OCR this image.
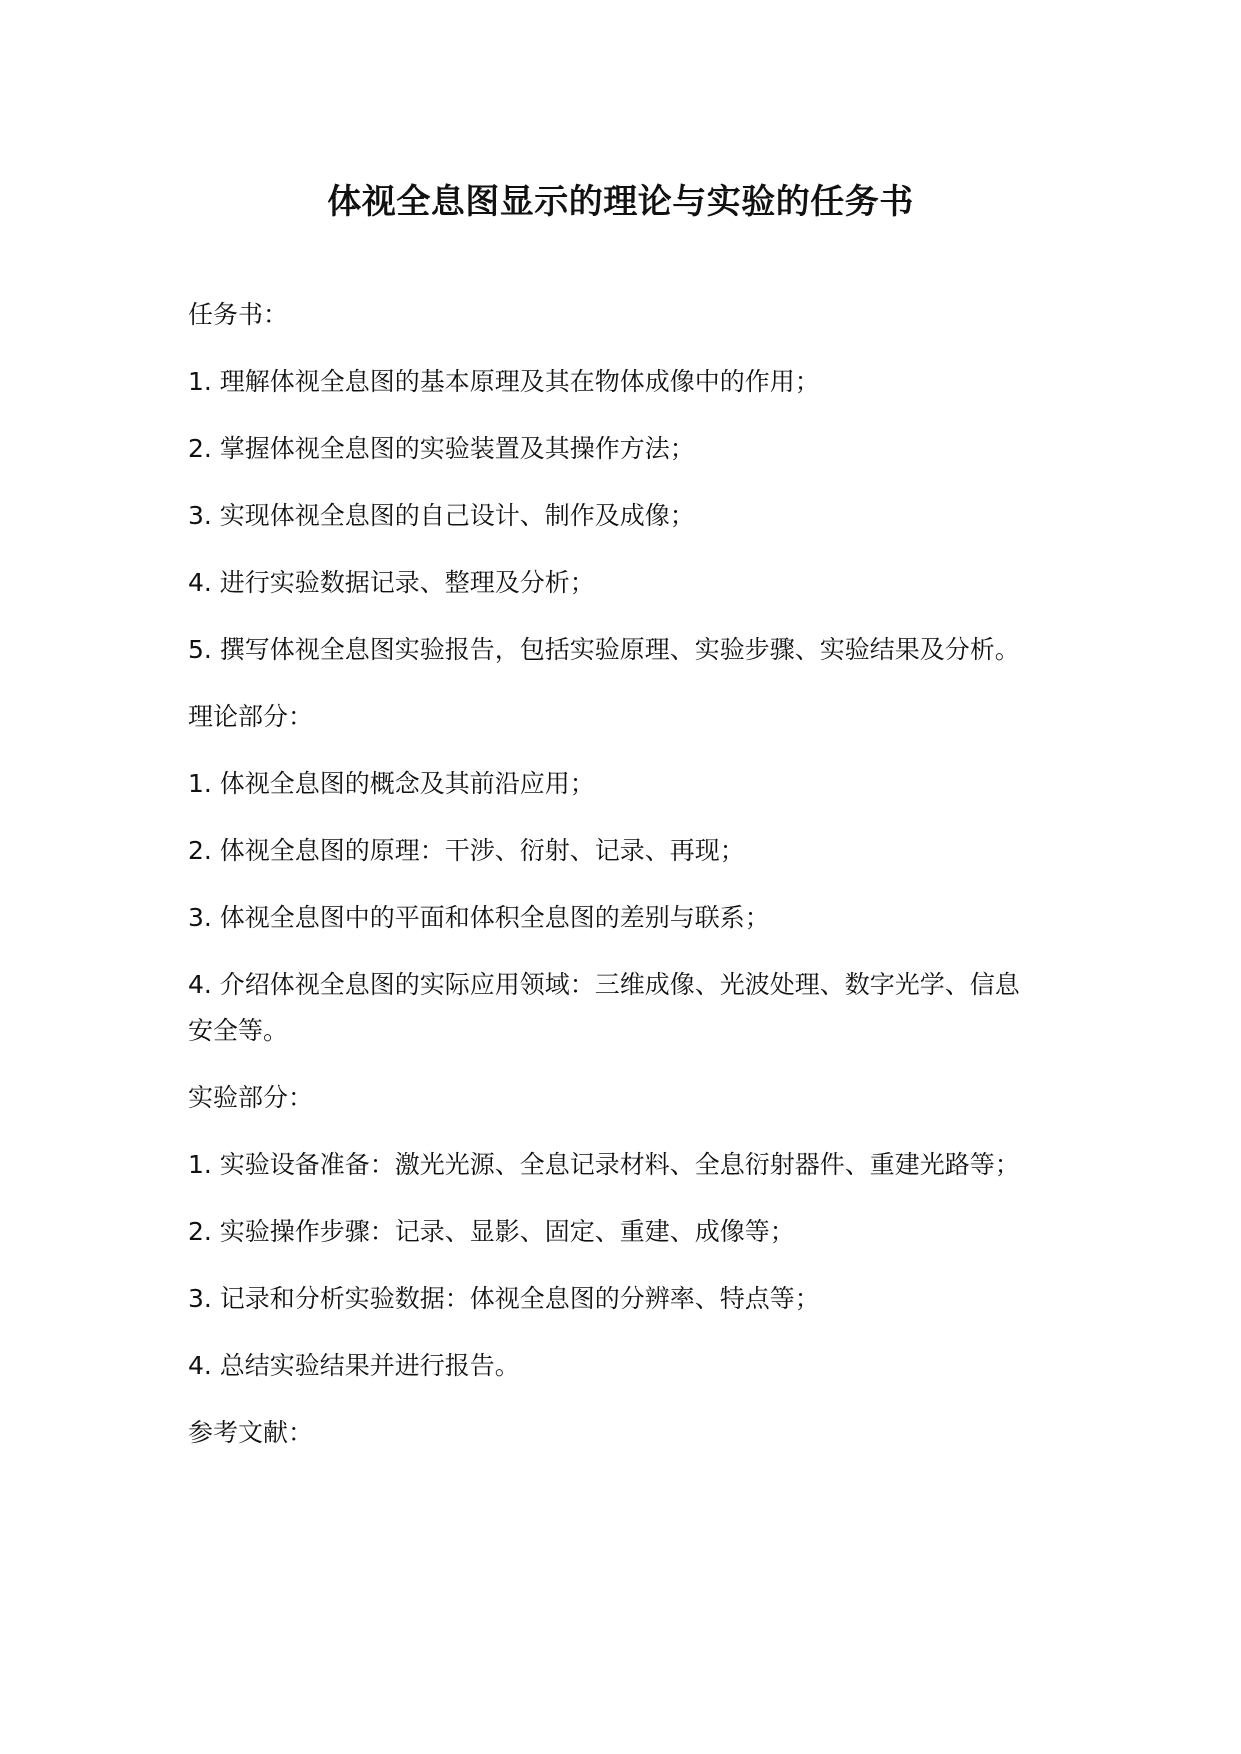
体视全息图显示的理论与实验的任务书

任务书：

1. 理解体视全息图的基本原理及其在物体成像中的作用；

2. 掌握体视全息图的实验装置及其操作方法；

3. 实现体视全息图的自己设计、制作及成像；

4. 进行实验数据记录、整理及分析；

5. 撰写体视全息图实验报告，包括实验原理、实验步骤、实验结果及分析。

理论部分：

1. 体视全息图的概念及其前沿应用；

2. 体视全息图的原理：干涉、衍射、记录、再现；

3. 体视全息图中的平面和体积全息图的差别与联系；

4. 介绍体视全息图的实际应用领域：三维成像、光波处理、数字光学、信息安全等。

实验部分：

1. 实验设备准备：激光光源、全息记录材料、全息衍射器件、重建光路等；

2. 实验操作步骤：记录、显影、固定、重建、成像等；

3. 记录和分析实验数据：体视全息图的分辨率、特点等；

4. 总结实验结果并进行报告。

参考文献：
